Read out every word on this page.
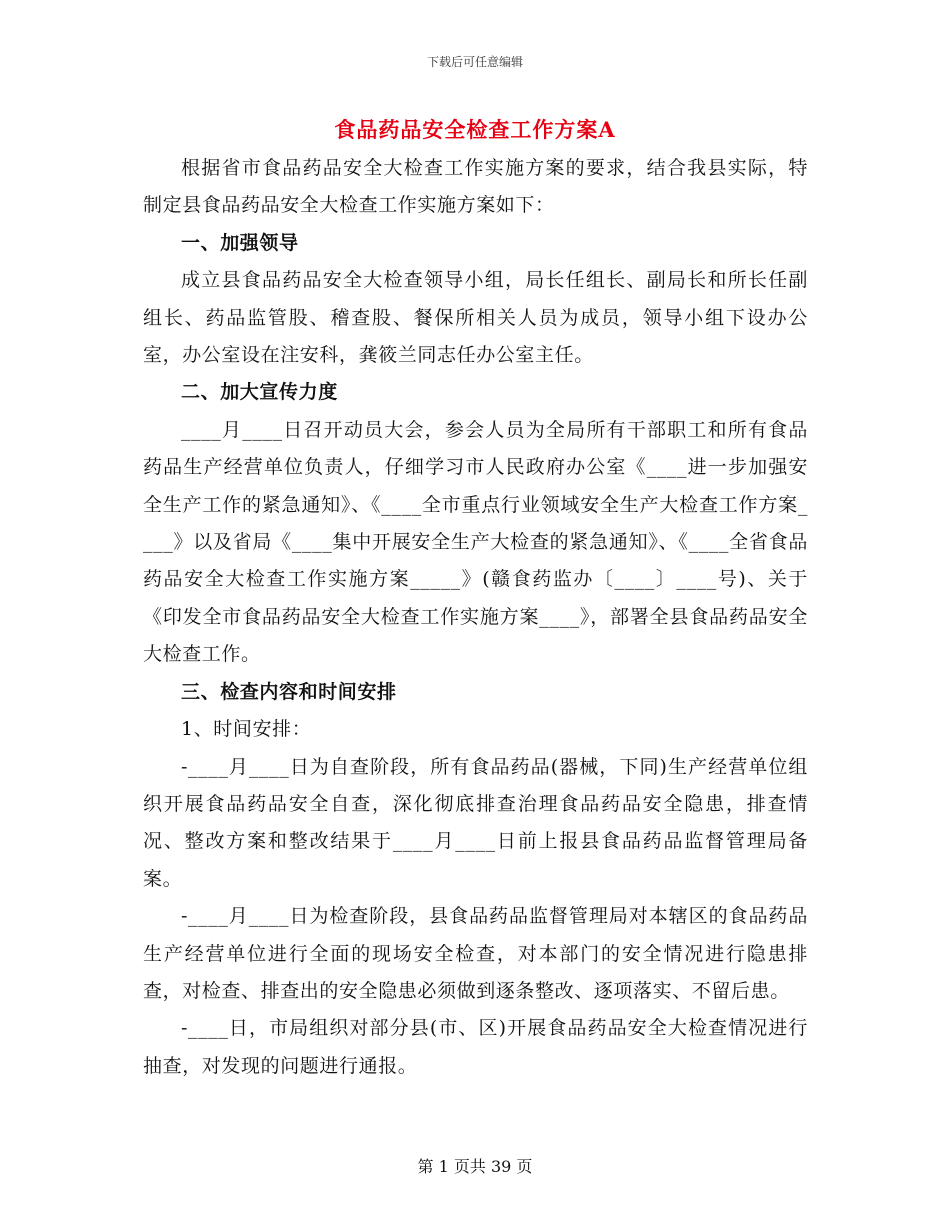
下载后可任意编辑
食品药品安全检查工作方案A

根据省市食品药品安全大检查工作实施方案的要求，结合我县实际，特制定县食品药品安全大检查工作实施方案如下：

一、加强领导

成立县食品药品安全大检查领导小组，局长任组长、副局长和所长任副组长、药品监管股、稽查股、餐保所相关人员为成员，领导小组下设办公室，办公室设在注安科，龚筱兰同志任办公室主任。

二、加大宣传力度

____月____日召开动员大会，参会人员为全局所有干部职工和所有食品药品生产经营单位负责人，仔细学习市人民政府办公室《____进一步加强安全生产工作的紧急通知》、《____全市重点行业领域安全生产大检查工作方案____》以及省局《____集中开展安全生产大检查的紧急通知》、《____全省食品药品安全大检查工作实施方案_____》(赣食药监办〔____〕____号)、关于《印发全市食品药品安全大检查工作实施方案____》，部署全县食品药品安全大检查工作。

三、检查内容和时间安排

1、时间安排：

-____月____日为自查阶段，所有食品药品(器械，下同)生产经营单位组织开展食品药品安全自查，深化彻底排查治理食品药品安全隐患，排查情况、整改方案和整改结果于____月____日前上报县食品药品监督管理局备案。

-____月____日为检查阶段，县食品药品监督管理局对本辖区的食品药品生产经营单位进行全面的现场安全检查，对本部门的安全情况进行隐患排查，对检查、排查出的安全隐患必须做到逐条整改、逐项落实、不留后患。

-____日，市局组织对部分县(市、区)开展食品药品安全大检查情况进行抽查，对发现的问题进行通报。

第 1 页共 39 页
